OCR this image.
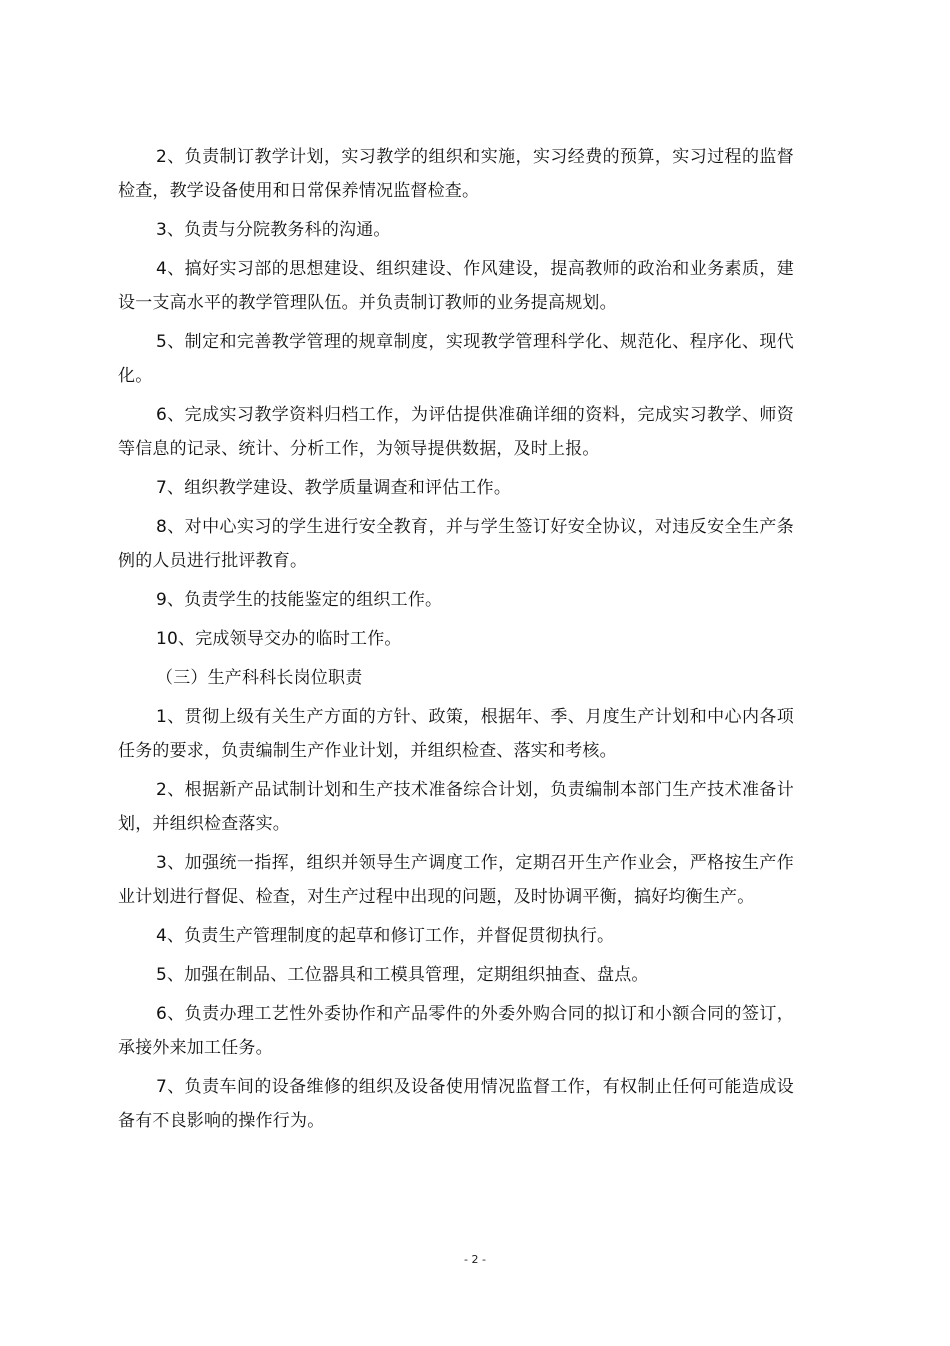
2、负责制订教学计划，实习教学的组织和实施，实习经费的预算，实习过程的监督检查，教学设备使用和日常保养情况监督检查。

3、负责与分院教务科的沟通。

4、搞好实习部的思想建设、组织建设、作风建设，提高教师的政治和业务素质，建设一支高水平的教学管理队伍。并负责制订教师的业务提高规划。

5、制定和完善教学管理的规章制度，实现教学管理科学化、规范化、程序化、现代化。

6、完成实习教学资料归档工作，为评估提供准确详细的资料，完成实习教学、师资等信息的记录、统计、分析工作，为领导提供数据，及时上报。

7、组织教学建设、教学质量调查和评估工作。

8、对中心实习的学生进行安全教育，并与学生签订好安全协议，对违反安全生产条例的人员进行批评教育。

9、负责学生的技能鉴定的组织工作。

10、完成领导交办的临时工作。

（三）生产科科长岗位职责

1、贯彻上级有关生产方面的方针、政策，根据年、季、月度生产计划和中心内各项任务的要求，负责编制生产作业计划，并组织检查、落实和考核。

2、根据新产品试制计划和生产技术准备综合计划，负责编制本部门生产技术准备计划，并组织检查落实。

3、加强统一指挥，组织并领导生产调度工作，定期召开生产作业会，严格按生产作业计划进行督促、检查，对生产过程中出现的问题，及时协调平衡，搞好均衡生产。

4、负责生产管理制度的起草和修订工作，并督促贯彻执行。

5、加强在制品、工位器具和工模具管理，定期组织抽查、盘点。

6、负责办理工艺性外委协作和产品零件的外委外购合同的拟订和小额合同的签订，承接外来加工任务。

7、负责车间的设备维修的组织及设备使用情况监督工作，有权制止任何可能造成设备有不良影响的操作行为。

- 2 -
